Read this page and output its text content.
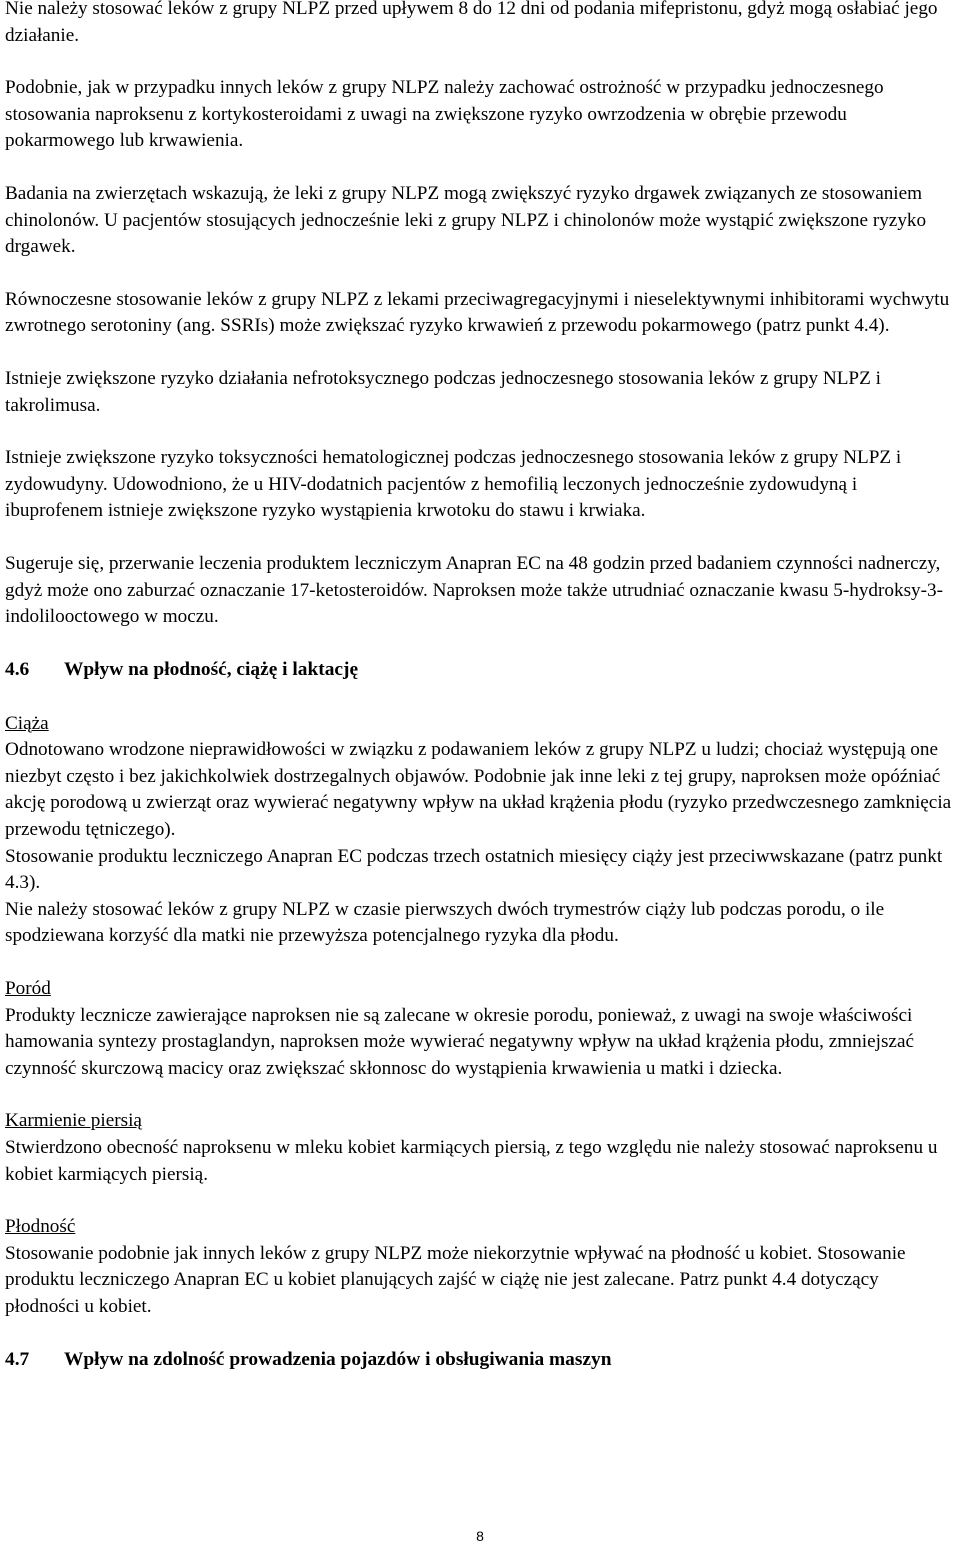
Nie należy stosować leków z grupy NLPZ przed upływem 8 do 12 dni od podania mifepristonu, gdyż mogą osłabiać jego działanie.

Podobnie, jak w przypadku innych leków z grupy NLPZ należy zachować ostrożność w przypadku jednoczesnego stosowania naproksenu z kortykosteroidami z uwagi na zwiększone ryzyko owrzodzenia w obrębie przewodu pokarmowego lub krwawienia.

Badania na zwierzętach wskazują, że leki z grupy NLPZ mogą zwiększyć ryzyko drgawek związanych ze stosowaniem chinolonów. U pacjentów stosujących jednocześnie leki z grupy NLPZ i chinolonów może wystąpić zwiększone ryzyko drgawek.

Równoczesne stosowanie leków z grupy NLPZ z lekami przeciwagregacyjnymi i nieselektywnymi inhibitorami wychwytu zwrotnego serotoniny (ang. SSRIs) może zwiększać ryzyko krwawień z przewodu pokarmowego (patrz punkt 4.4).

Istnieje zwiększone ryzyko działania nefrotoksycznego podczas jednoczesnego stosowania leków z grupy NLPZ i takrolimusa.

Istnieje zwiększone ryzyko toksyczności hematologicznej podczas jednoczesnego stosowania leków z grupy NLPZ i zydowudyny. Udowodniono, że u HIV-dodatnich pacjentów z hemofilią leczonych jednocześnie zydowudyną i ibuprofenem istnieje zwiększone ryzyko wystąpienia krwotoku do stawu i krwiaka.

Sugeruje się, przerwanie leczenia produktem leczniczym Anapran EC na 48 godzin przed badaniem czynności nadnerczy, gdyż może ono zaburzać oznaczanie 17-ketosteroidów. Naproksen może także utrudniać oznaczanie kwasu 5-hydroksy-3-indolilooctowego w moczu.

4.6 Wpływ na płodność, ciążę i laktację
Ciąża

Odnotowano wrodzone nieprawidłowości w związku z podawaniem leków z grupy NLPZ u ludzi; chociaż występują one niezbyt często i bez jakichkolwiek dostrzegalnych objawów. Podobnie jak inne leki z tej grupy, naproksen może opóźniać akcję porodową u zwierząt oraz wywierać negatywny wpływ na układ krążenia płodu (ryzyko przedwczesnego zamknięcia przewodu tętniczego).

Stosowanie produktu leczniczego Anapran EC podczas trzech ostatnich miesięcy ciąży jest przeciwwskazane (patrz punkt 4.3).

Nie należy stosować leków z grupy NLPZ w czasie pierwszych dwóch trymestrów ciąży lub podczas porodu, o ile spodziewana korzyść dla matki nie przewyższa potencjalnego ryzyka dla płodu.

Poród

Produkty lecznicze zawierające naproksen nie są zalecane w okresie porodu, ponieważ, z uwagi na swoje właściwości hamowania syntezy prostaglandyn, naproksen może wywierać negatywny wpływ na układ krążenia płodu, zmniejszać czynność skurczową macicy oraz zwiększać skłonnosc do wystąpienia krwawienia u matki i dziecka.

Karmienie piersią

Stwierdzono obecność naproksenu w mleku kobiet karmiących piersią, z tego względu nie należy stosować naproksenu u kobiet karmiących piersią.

Płodność

Stosowanie podobnie jak innych leków z grupy NLPZ może niekorzytnie wpływać na płodność u kobiet. Stosowanie produktu leczniczego Anapran EC u kobiet planujących zajść w ciążę nie jest zalecane. Patrz punkt 4.4 dotyczący płodności u kobiet.

4.7 Wpływ na zdolność prowadzenia pojazdów i obsługiwania maszyn
8
